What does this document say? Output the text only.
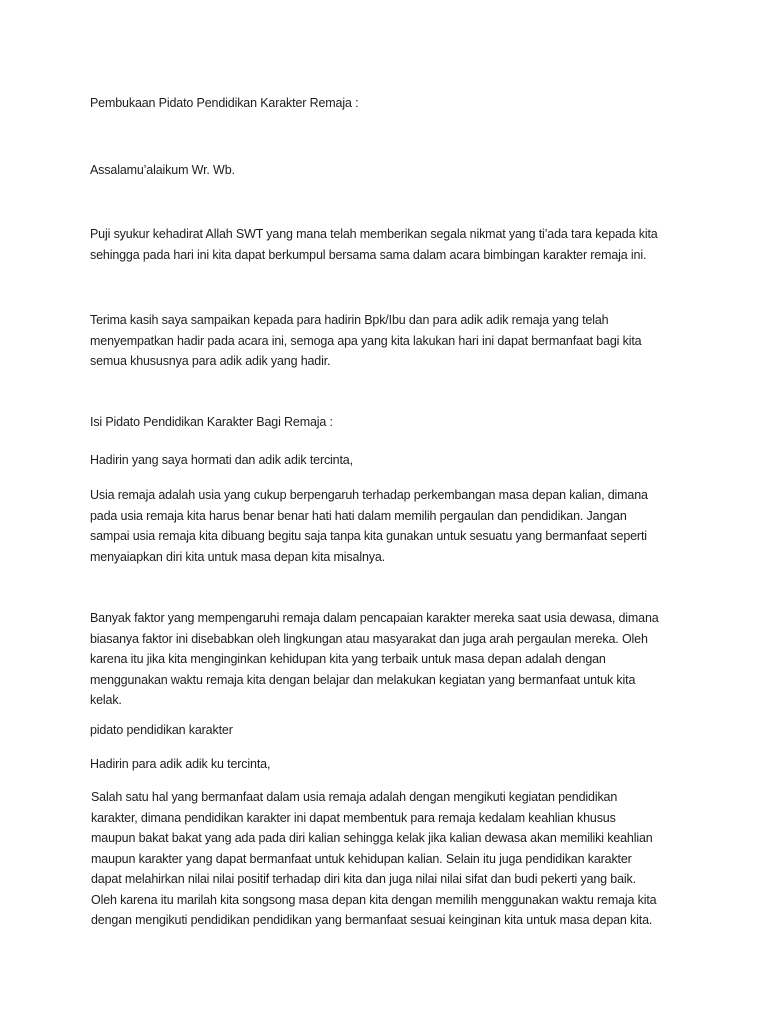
Pembukaan Pidato Pendidikan Karakter Remaja :

Assalamu’alaikum Wr. Wb.

Puji syukur kehadirat Allah SWT yang mana telah memberikan segala nikmat yang ti’ada tara kepada kita
sehingga pada hari ini kita dapat berkumpul bersama sama dalam acara bimbingan karakter remaja ini.

Terima kasih saya sampaikan kepada para hadirin Bpk/Ibu dan para adik adik remaja yang telah
menyempatkan hadir pada acara ini, semoga apa yang kita lakukan hari ini dapat bermanfaat bagi kita
semua khususnya para adik adik yang hadir.

Isi Pidato Pendidikan Karakter Bagi Remaja :

Hadirin yang saya hormati dan adik adik tercinta,

Usia remaja adalah usia yang cukup berpengaruh terhadap perkembangan masa depan kalian, dimana
pada usia remaja kita harus benar benar hati hati dalam memilih pergaulan dan pendidikan. Jangan
sampai usia remaja kita dibuang begitu saja tanpa kita gunakan untuk sesuatu yang bermanfaat seperti
menyaiapkan diri kita untuk masa depan kita misalnya.

Banyak faktor yang mempengaruhi remaja dalam pencapaian karakter mereka saat usia dewasa, dimana
biasanya faktor ini disebabkan oleh lingkungan atau masyarakat dan juga arah pergaulan mereka. Oleh
karena itu jika kita menginginkan kehidupan kita yang terbaik untuk masa depan adalah dengan
menggunakan waktu remaja kita dengan belajar dan melakukan kegiatan yang bermanfaat untuk kita
kelak.

pidato pendidikan karakter

Hadirin para adik adik ku tercinta,

Salah satu hal yang bermanfaat dalam usia remaja adalah dengan mengikuti kegiatan pendidikan
karakter, dimana pendidikan karakter ini dapat membentuk para remaja kedalam keahlian khusus
maupun bakat bakat yang ada pada diri kalian sehingga kelak jika kalian dewasa akan memiliki keahlian
maupun karakter yang dapat bermanfaat untuk kehidupan kalian. Selain itu juga pendidikan karakter
dapat melahirkan nilai nilai positif terhadap diri kita dan juga nilai nilai sifat dan budi pekerti yang baik.
Oleh karena itu marilah kita songsong masa depan kita dengan memilih menggunakan waktu remaja kita
dengan mengikuti pendidikan pendidikan yang bermanfaat sesuai keinginan kita untuk masa depan kita.
